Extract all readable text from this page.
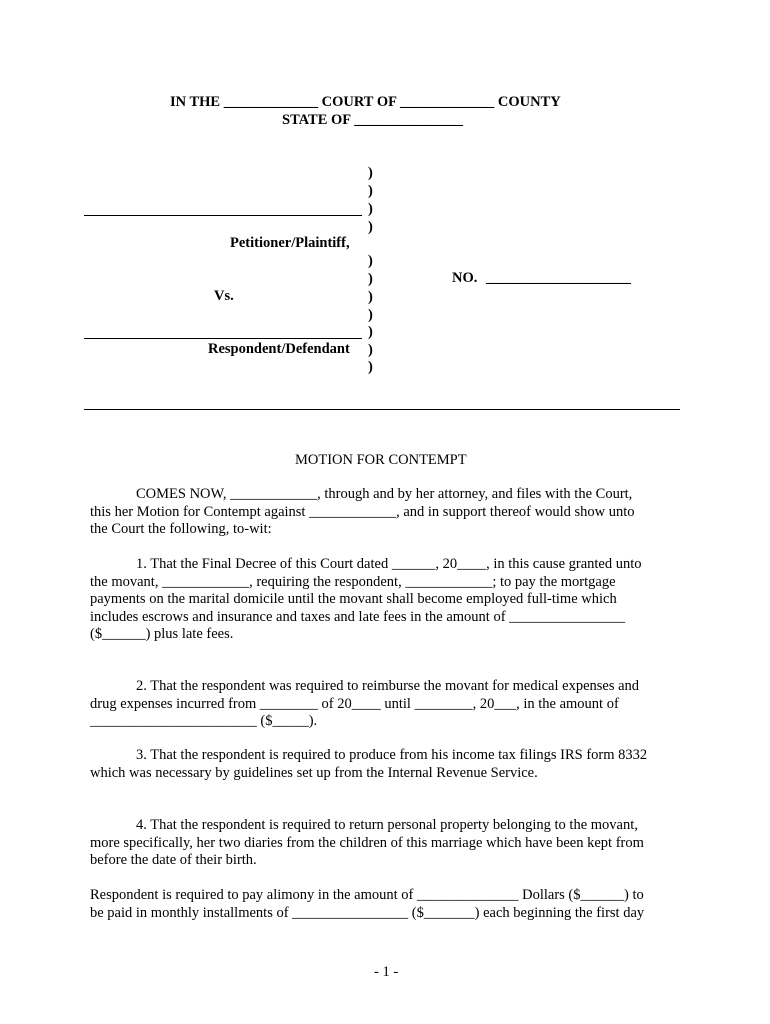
IN THE _____________ COURT OF _____________ COUNTY
STATE OF _______________
Petitioner/Plaintiff,
Vs.
Respondent/Defendant
)
)
)
)
)
)
)
)
)
)
)
NO. ____________________
MOTION FOR CONTEMPT
COMES NOW, ____________, through and by her attorney, and files with the Court,
this her Motion for Contempt against ____________, and in support thereof would show unto
the Court the following, to-wit:
1. That the Final Decree of this Court dated ______, 20____, in this cause granted unto
the movant, ____________, requiring the respondent, ____________; to pay the mortgage
payments on the marital domicile until the movant shall become employed full-time which
includes escrows and insurance and taxes and late fees in the amount of ________________
($______) plus late fees.
2. That the respondent was required to reimburse the movant for medical expenses and
drug expenses incurred from ________ of 20____ until ________, 20___, in the amount of
_______________________ ($_____).
3. That the respondent is required to produce from his income tax filings IRS form 8332
which was necessary by guidelines set up from the Internal Revenue Service.
4. That the respondent is required to return personal property belonging to the movant,
more specifically, her two diaries from the children of this marriage which have been kept from
before the date of their birth.
Respondent is required to pay alimony in the amount of ______________ Dollars ($______) to
be paid in monthly installments of ________________ ($_______) each beginning the first day
- 1 -
